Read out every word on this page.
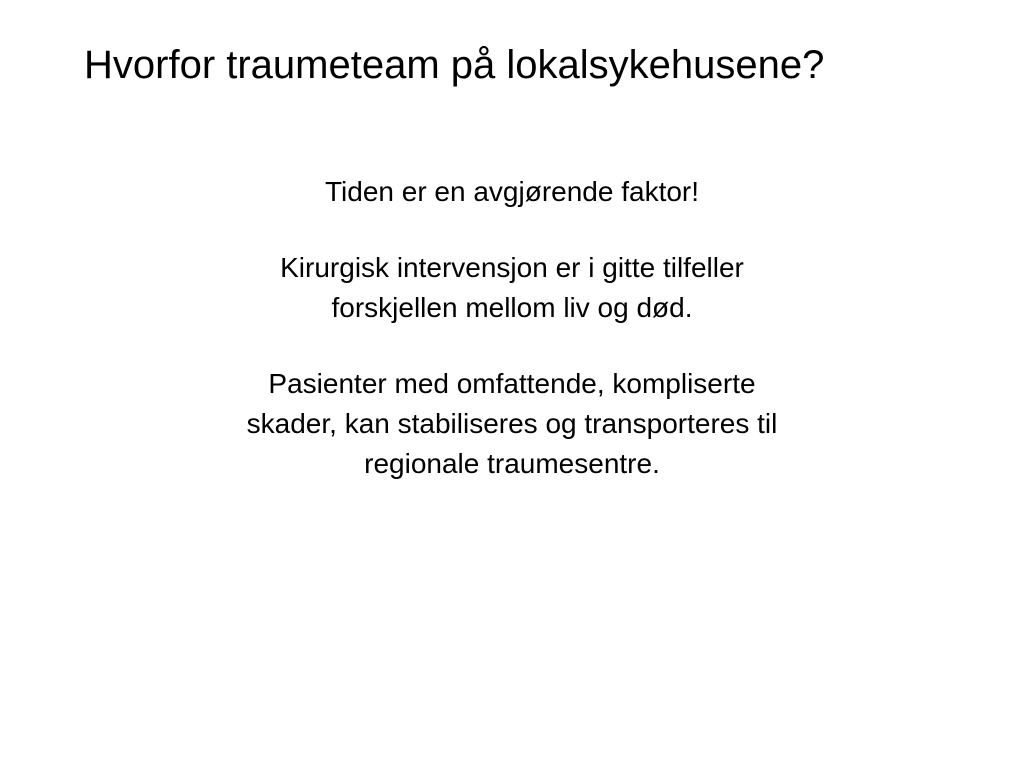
Hvorfor traumeteam på lokalsykehusene?

Tiden er en avgjørende faktor!

Kirurgisk intervensjon er i gitte tilfeller
forskjellen mellom liv og død.

Pasienter med omfattende, kompliserte
skader, kan stabiliseres og transporteres til
regionale traumesentre.
